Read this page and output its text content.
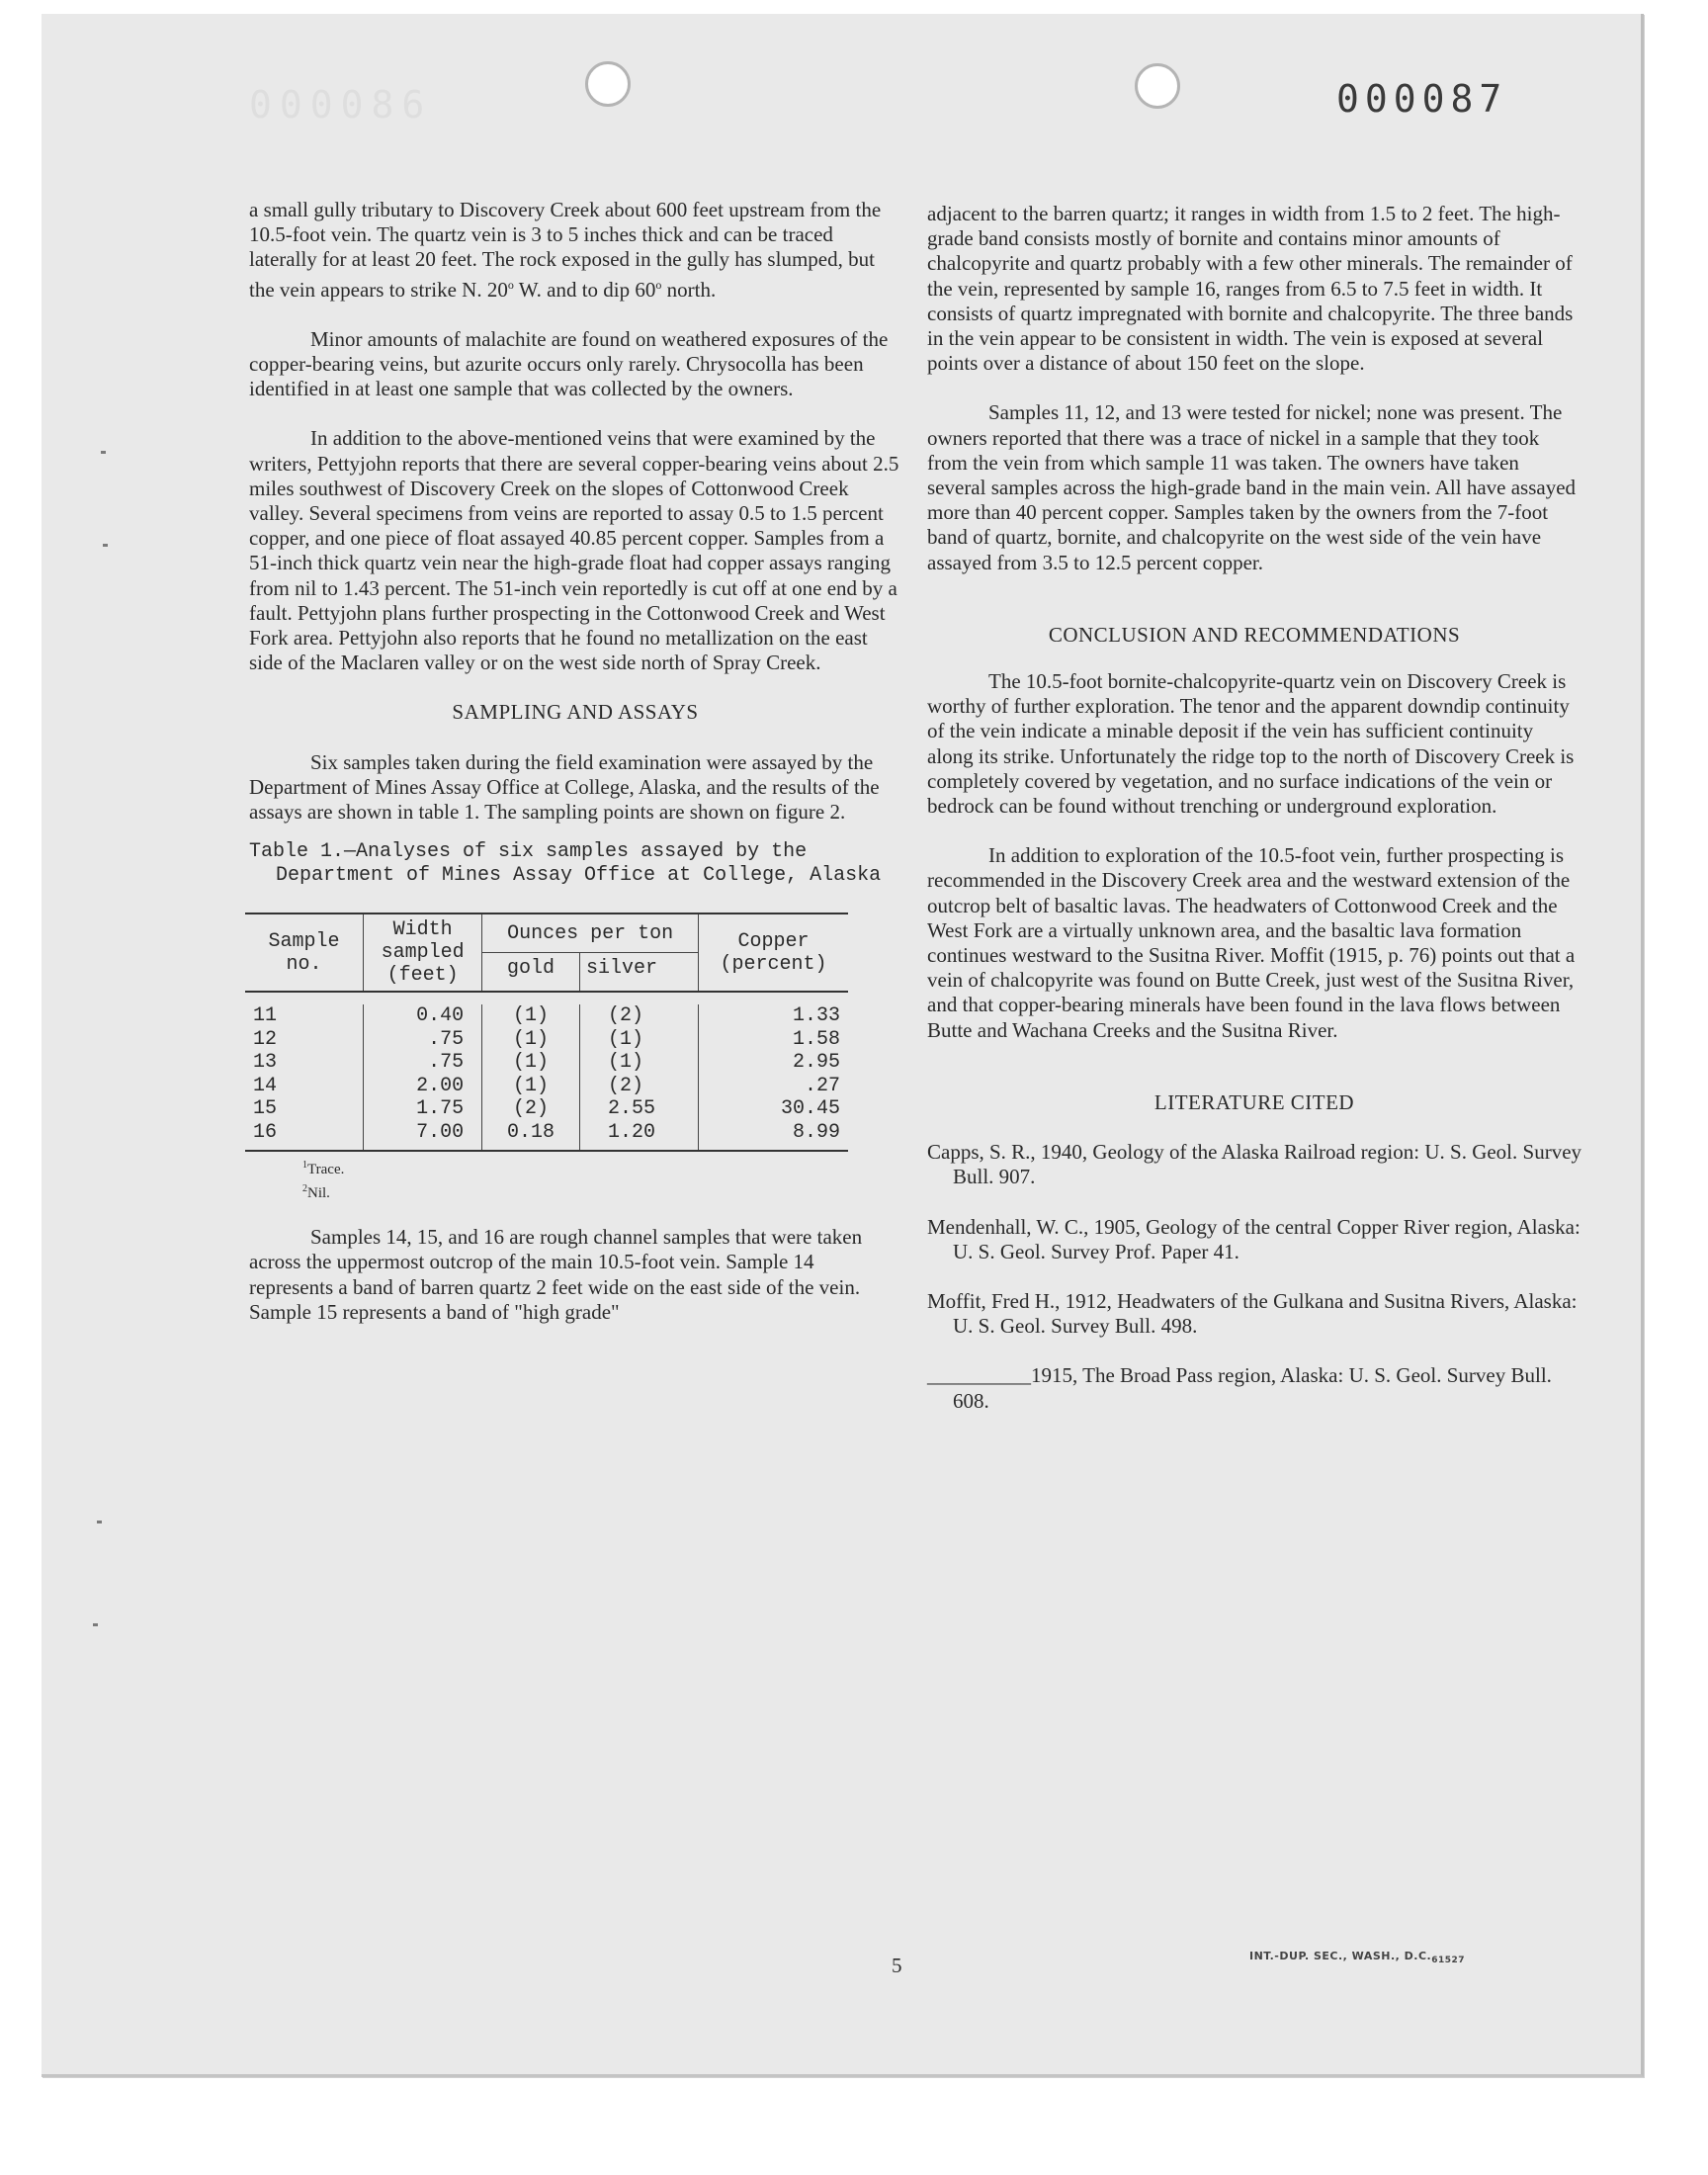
000086	000087

a small gully tributary to Discovery Creek about 600 feet upstream from the 10.5-foot vein. The quartz vein is 3 to 5 inches thick and can be traced laterally for at least 20 feet. The rock exposed in the gully has slumped, but the vein appears to strike N. 20$^o$ W. and to dip 60$^o$ north.

Minor amounts of malachite are found on weathered exposures of the copper-bearing veins, but azurite occurs only rarely. Chrysocolla has been identified in at least one sample that was collected by the owners.

In addition to the above-mentioned veins that were examined by the writers, Pettyjohn reports that there are several copper-bearing veins about 2.5 miles southwest of Discovery Creek on the slopes of Cottonwood Creek valley. Several specimens from veins are reported to assay 0.5 to 1.5 percent copper, and one piece of float assayed 40.85 percent copper. Samples from a 51-inch thick quartz vein near the high-grade float had copper assays ranging from nil to 1.43 percent. The 51-inch vein reportedly is cut off at one end by a fault. Pettyjohn plans further prospecting in the Cottonwood Creek and West Fork area. Pettyjohn also reports that he found no metallization on the east side of the Maclaren valley or on the west side north of Spray Creek.

SAMPLING AND ASSAYS

Six samples taken during the field examination were assayed by the Department of Mines Assay Office at College, Alaska, and the results of the assays are shown in table 1. The sampling points are shown on figure 2.

Table 1.—Analyses of six samples assayed by the Department of Mines Assay Office at College, Alaska

Sample no.	Width sampled (feet)	Ounces per ton		Copper (percent)
		gold	silver	

11	0.40	(1)	(2)	1.33
12	.75	(1)	(1)	1.58
13	.75	(1)	(1)	2.95
14	2.00	(1)	(2)	.27
15	1.75	(2)	2.55	30.45
16	7.00	0.18	1.20	8.99
$^1$Trace.
$^2$Nil.

Samples 14, 15, and 16 are rough channel samples that were taken across the uppermost outcrop of the main 10.5-foot vein. Sample 14 represents a band of barren quartz 2 feet wide on the east side of the vein. Sample 15 represents a band of "high grade"

adjacent to the barren quartz; it ranges in width from 1.5 to 2 feet. The high-grade band consists mostly of bornite and contains minor amounts of chalcopyrite and quartz probably with a few other minerals. The remainder of the vein, represented by sample 16, ranges from 6.5 to 7.5 feet in width. It consists of quartz impregnated with bornite and chalcopyrite. The three bands in the vein appear to be consistent in width. The vein is exposed at several points over a distance of about 150 feet on the slope.

Samples 11, 12, and 13 were tested for nickel; none was present. The owners reported that there was a trace of nickel in a sample that they took from the vein from which sample 11 was taken. The owners have taken several samples across the high-grade band in the main vein. All have assayed more than 40 percent copper. Samples taken by the owners from the 7-foot band of quartz, bornite, and chalcopyrite on the west side of the vein have assayed from 3.5 to 12.5 percent copper.

CONCLUSION AND RECOMMENDATIONS

The 10.5-foot bornite-chalcopyrite-quartz vein on Discovery Creek is worthy of further exploration. The tenor and the apparent downdip continuity of the vein indicate a minable deposit if the vein has sufficient continuity along its strike. Unfortunately the ridge top to the north of Discovery Creek is completely covered by vegetation, and no surface indications of the vein or bedrock can be found without trenching or underground exploration.

In addition to exploration of the 10.5-foot vein, further prospecting is recommended in the Discovery Creek area and the westward extension of the outcrop belt of basaltic lavas. The headwaters of Cottonwood Creek and the West Fork are a virtually unknown area, and the basaltic lava formation continues westward to the Susitna River. Moffit (1915, p. 76) points out that a vein of chalcopyrite was found on Butte Creek, just west of the Susitna River, and that copper-bearing minerals have been found in the lava flows between Butte and Wachana Creeks and the Susitna River.

LITERATURE CITED

Capps, S. R., 1940, Geology of the Alaska Railroad region: U. S. Geol. Survey Bull. 907.

Mendenhall, W. C., 1905, Geology of the central Copper River region, Alaska: U. S. Geol. Survey Prof. Paper 41.

Moffit, Fred H., 1912, Headwaters of the Gulkana and Susitna Rivers, Alaska: U. S. Geol. Survey Bull. 498.

__________1915, The Broad Pass region, Alaska: U. S. Geol. Survey Bull. 608.

5	INT.-DUP. SEC., WASH., $D.C._{61527}$
